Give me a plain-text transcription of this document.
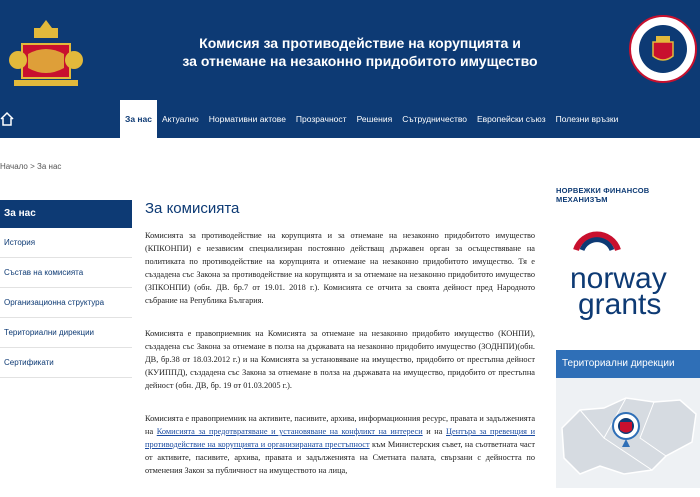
Комисия за противодействие на корупцията и
за отнемане на незаконно придобитото имущество
За нас	Актуално	Нормативни актове	Прозрачност	Решения	Сътрудничество	Европейски съюз	Полезни връзки
Начало > За нас
За нас
История
Състав на комисията
Организационна структура
Териториални дирекции
Сертификати
За комисията

Комисията за противодействие на корупцията и за отнемане на незаконно придобитото имущество (КПКОНПИ) е независим специализиран постоянно действащ държавен орган за осъществяване на политиката по противодействие на корупцията и отнемане на незаконно придобитото имущество. Тя е създадена със Закона за противодействие на корупцията и за отнемане на незаконно придобитото имущество (ЗПКОНПИ) (обн. ДВ. бр.7 от 19.01. 2018 г.). Комисията се отчита за своята дейност пред Народното събрание на Република България.

Комисията е правоприемник на Комисията за отнемане на незаконно придобито имущество (КОНПИ), създадена със Закона за отнемане в полза на държавата на незаконно придобито имущество (ЗОДНПИ)(обн. ДВ, бр.38 от 18.03.2012 г.) и на Комисията за установяване на имущество, придобито от престъпна дейност (КУИППД), създадена със Закона за отнемане в полза на държавата на имущество, придобито от престъпна дейност (обн. ДВ, бр. 19 от 01.03.2005 г.).

Комисията е правоприемник на активите, пасивите, архива, информационния ресурс, правата и задълженията на Комисията за предотвратяване и установяване на конфликт на интереси и на Центъра за превенция и противодействие на корупцията и организираната престъпност към Министерския съвет, на съответната част от активите, пасивите, архива, правата и задълженията на Сметната палата, свързани с дейността по отменения Закон за публичност на имуществото на лица,

НОРВЕЖКИ ФИНАНСОВ МЕХАНИЗЪМ
norway
grants
Териториални дирекции
